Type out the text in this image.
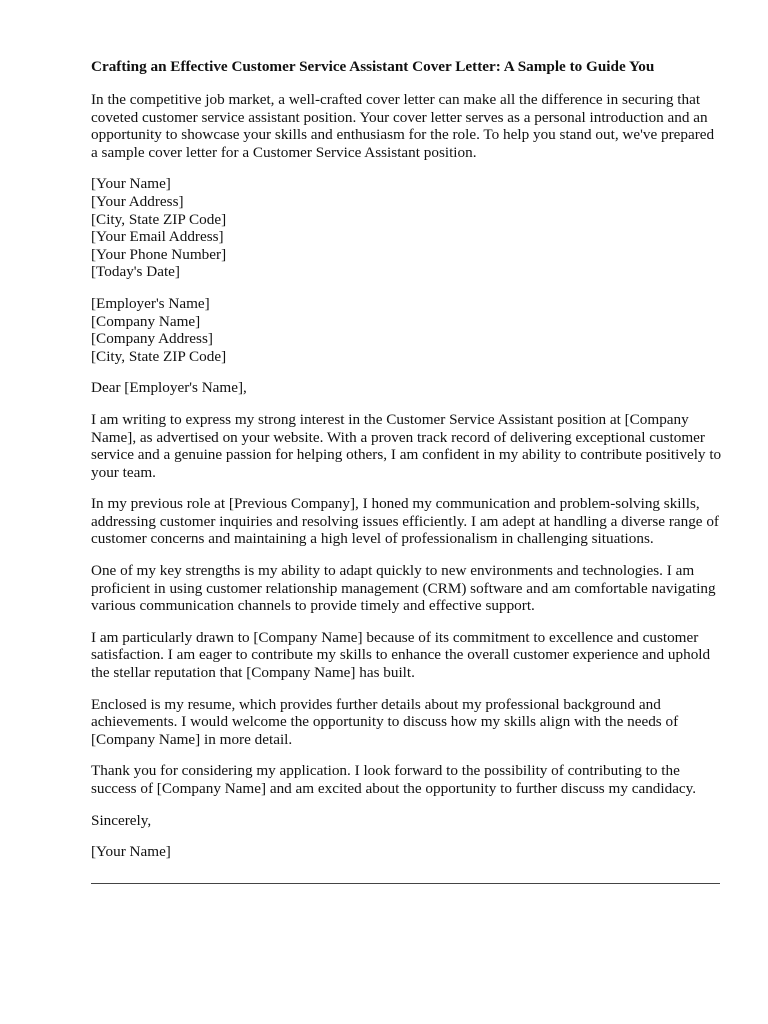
Crafting an Effective Customer Service Assistant Cover Letter: A Sample to Guide You

In the competitive job market, a well-crafted cover letter can make all the difference in securing that coveted customer service assistant position. Your cover letter serves as a personal introduction and an opportunity to showcase your skills and enthusiasm for the role. To help you stand out, we've prepared a sample cover letter for a Customer Service Assistant position.

[Your Name]
[Your Address]
[City, State ZIP Code]
[Your Email Address]
[Your Phone Number]
[Today's Date]
[Employer's Name]
[Company Name]
[Company Address]
[City, State ZIP Code]

Dear [Employer's Name],

I am writing to express my strong interest in the Customer Service Assistant position at [Company Name], as advertised on your website. With a proven track record of delivering exceptional customer service and a genuine passion for helping others, I am confident in my ability to contribute positively to your team.

In my previous role at [Previous Company], I honed my communication and problem-solving skills, addressing customer inquiries and resolving issues efficiently. I am adept at handling a diverse range of customer concerns and maintaining a high level of professionalism in challenging situations.

One of my key strengths is my ability to adapt quickly to new environments and technologies. I am proficient in using customer relationship management (CRM) software and am comfortable navigating various communication channels to provide timely and effective support.

I am particularly drawn to [Company Name] because of its commitment to excellence and customer satisfaction. I am eager to contribute my skills to enhance the overall customer experience and uphold the stellar reputation that [Company Name] has built.

Enclosed is my resume, which provides further details about my professional background and achievements. I would welcome the opportunity to discuss how my skills align with the needs of [Company Name] in more detail.

Thank you for considering my application. I look forward to the possibility of contributing to the success of [Company Name] and am excited about the opportunity to further discuss my candidacy.

Sincerely,

[Your Name]
